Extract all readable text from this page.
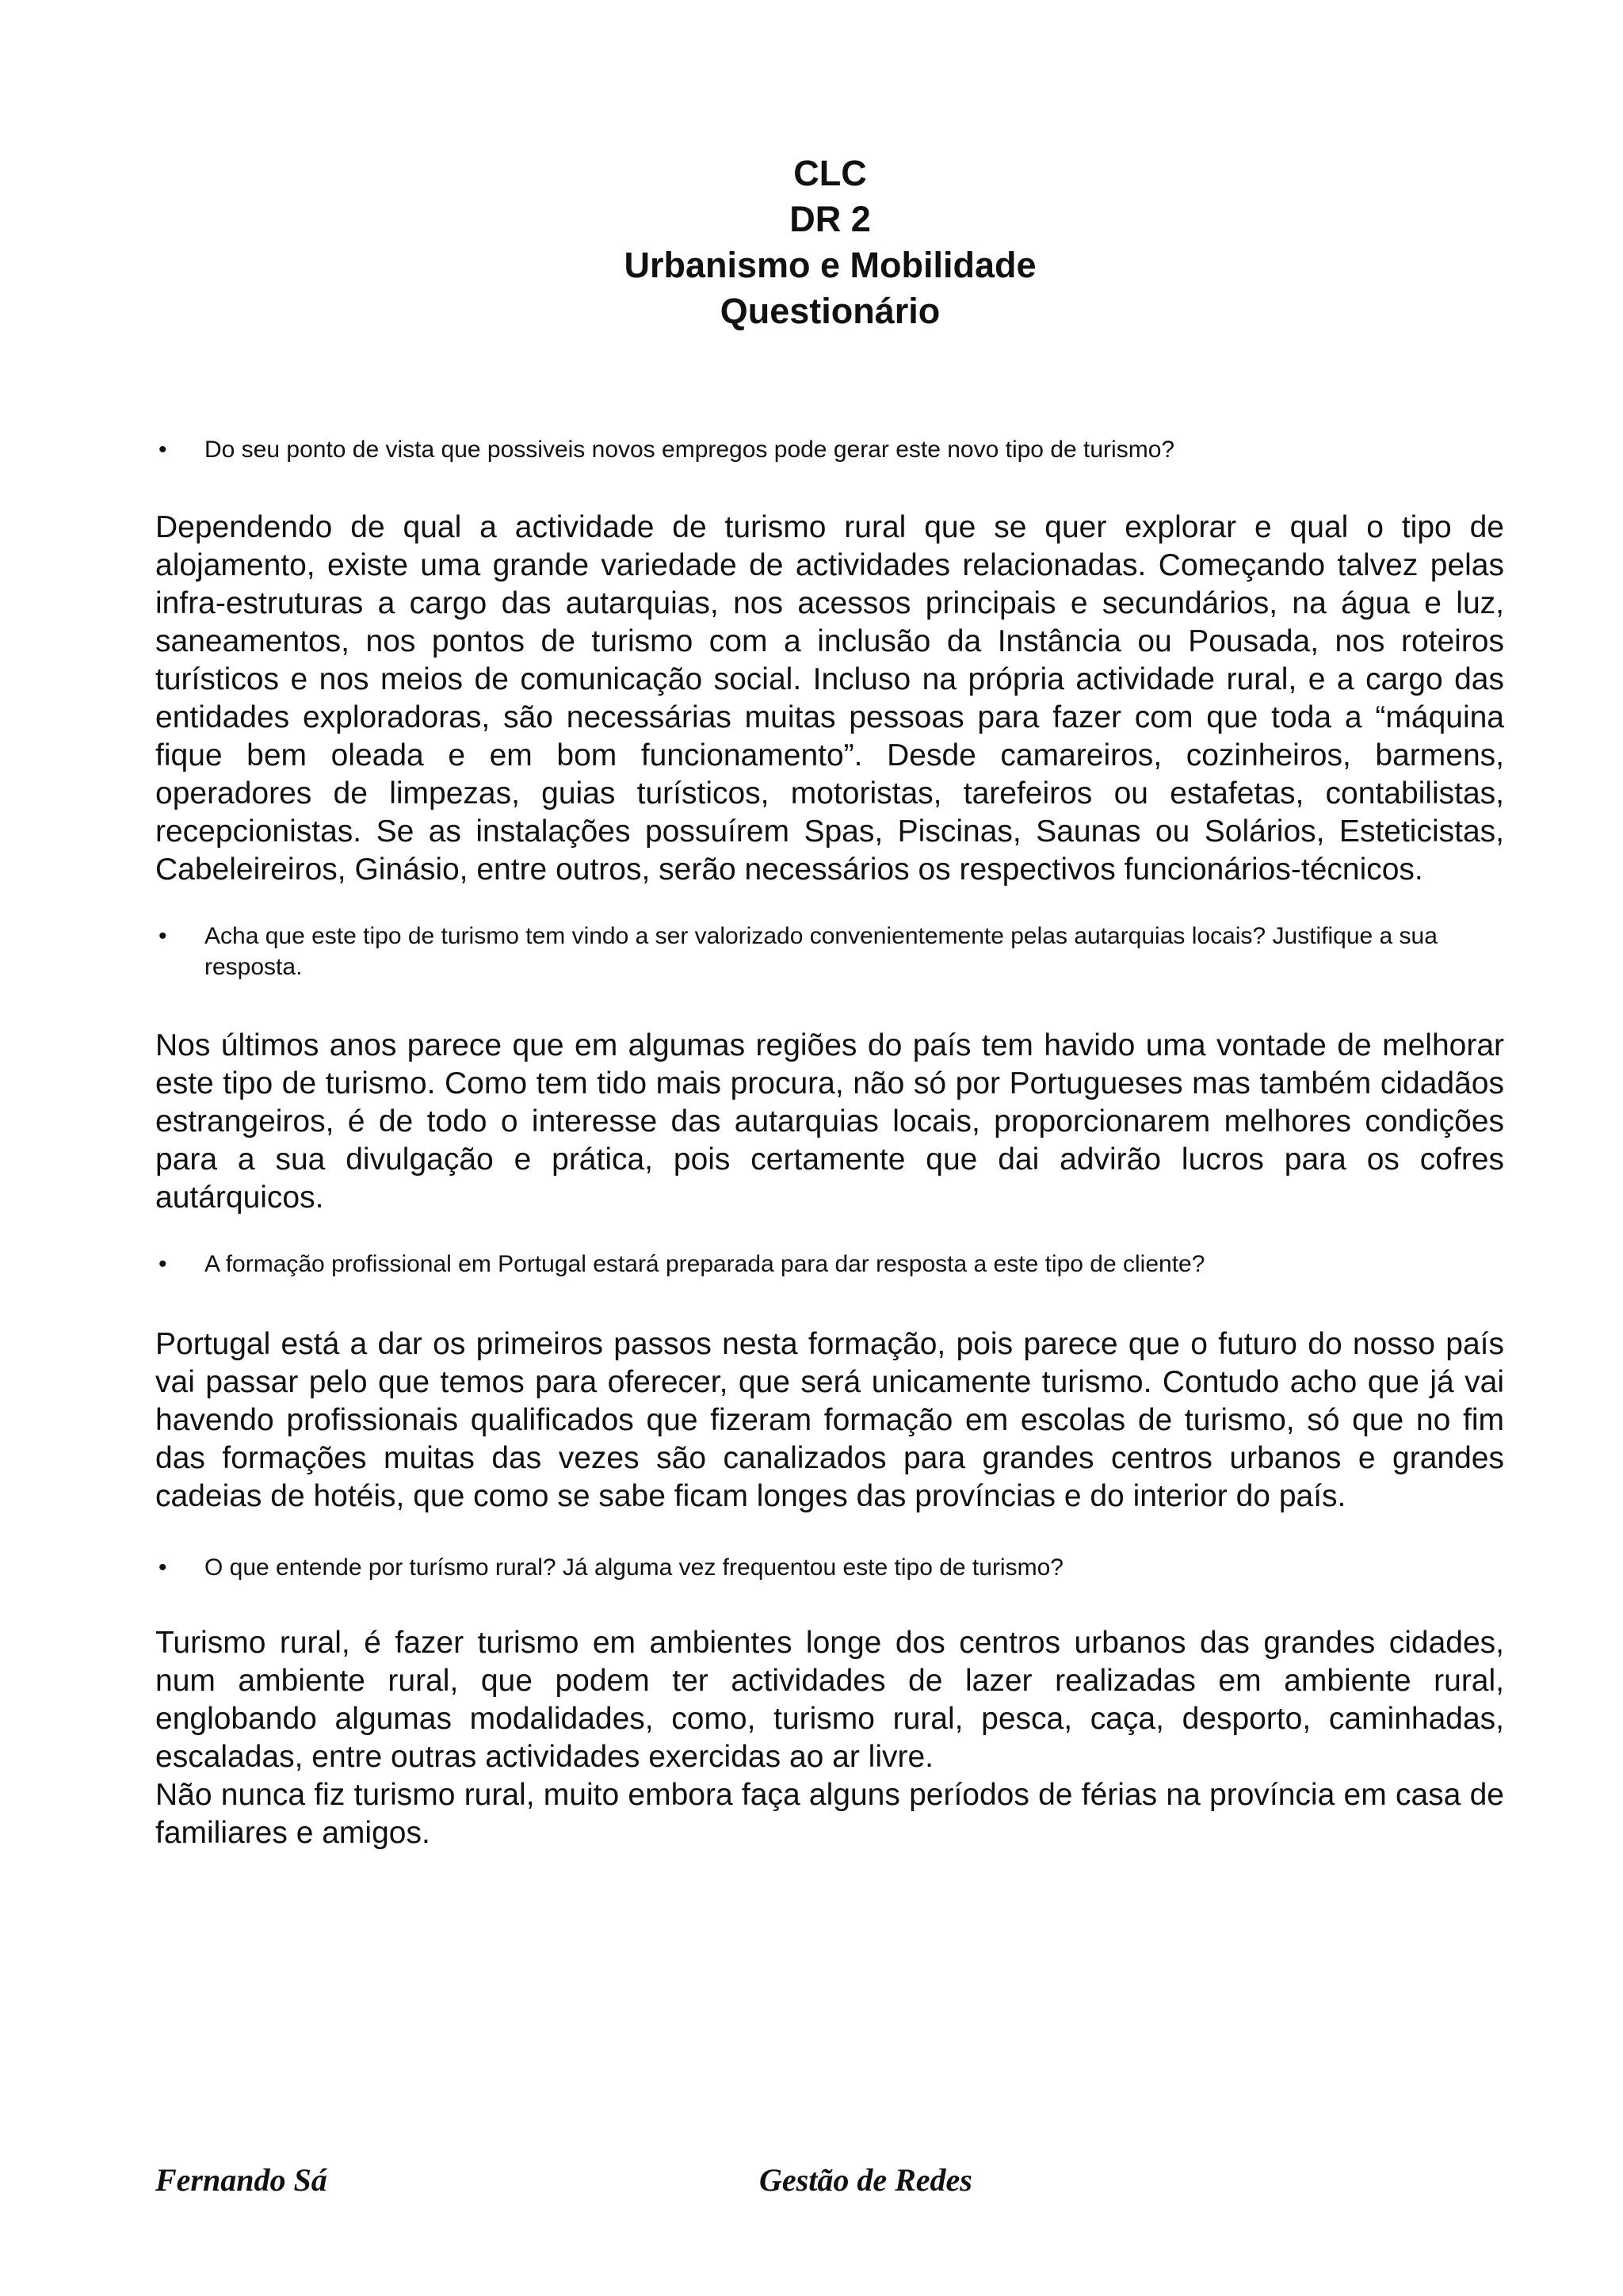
CLC
DR 2
Urbanismo e Mobilidade
Questionário
• Do seu ponto de vista que possiveis novos empregos pode gerar este novo tipo de turismo?

Dependendo de qual a actividade de turismo rural que se quer explorar e qual o tipo de alojamento, existe uma grande variedade de actividades relacionadas. Começando talvez pelas infra-estruturas a cargo das autarquias, nos acessos principais e secundários, na água e luz, saneamentos, nos pontos de turismo com a inclusão da Instância ou Pousada, nos roteiros turísticos e nos meios de comunicação social. Incluso na própria actividade rural, e a cargo das entidades exploradoras, são necessárias muitas pessoas para fazer com que toda a “máquina fique bem oleada e em bom funcionamento”. Desde camareiros, cozinheiros, barmens, operadores de limpezas, guias turísticos, motoristas, tarefeiros ou estafetas, contabilistas, recepcionistas. Se as instalações possuírem Spas, Piscinas, Saunas ou Solários, Esteticistas, Cabeleireiros, Ginásio, entre outros, serão necessários os respectivos funcionários-técnicos.

• Acha que este tipo de turismo tem vindo a ser valorizado convenientemente pelas autarquias locais? Justifique a sua resposta.

Nos últimos anos parece que em algumas regiões do país tem havido uma vontade de melhorar este tipo de turismo. Como tem tido mais procura, não só por Portugueses mas também cidadãos estrangeiros, é de todo o interesse das autarquias locais, proporcionarem melhores condições para a sua divulgação e prática, pois certamente que dai advirão lucros para os cofres autárquicos.

• A formação profissional em Portugal estará preparada para dar resposta a este tipo de cliente?

Portugal está a dar os primeiros passos nesta formação, pois parece que o futuro do nosso país vai passar pelo que temos para oferecer, que será unicamente turismo. Contudo acho que já vai havendo profissionais qualificados que fizeram formação em escolas de turismo, só que no fim das formações muitas das vezes são canalizados para grandes centros urbanos e grandes cadeias de hotéis, que como se sabe ficam longes das províncias e do interior do país.

• O que entende por turísmo rural? Já alguma vez frequentou este tipo de turismo?

Turismo rural, é fazer turismo em ambientes longe dos centros urbanos das grandes cidades, num ambiente rural, que podem ter actividades de lazer realizadas em ambiente rural, englobando algumas modalidades, como, turismo rural, pesca, caça, desporto, caminhadas, escaladas, entre outras actividades exercidas ao ar livre.

Não nunca fiz turismo rural, muito embora faça alguns períodos de férias na província em casa de familiares e amigos.

Fernando Sá	Gestão de Redes
